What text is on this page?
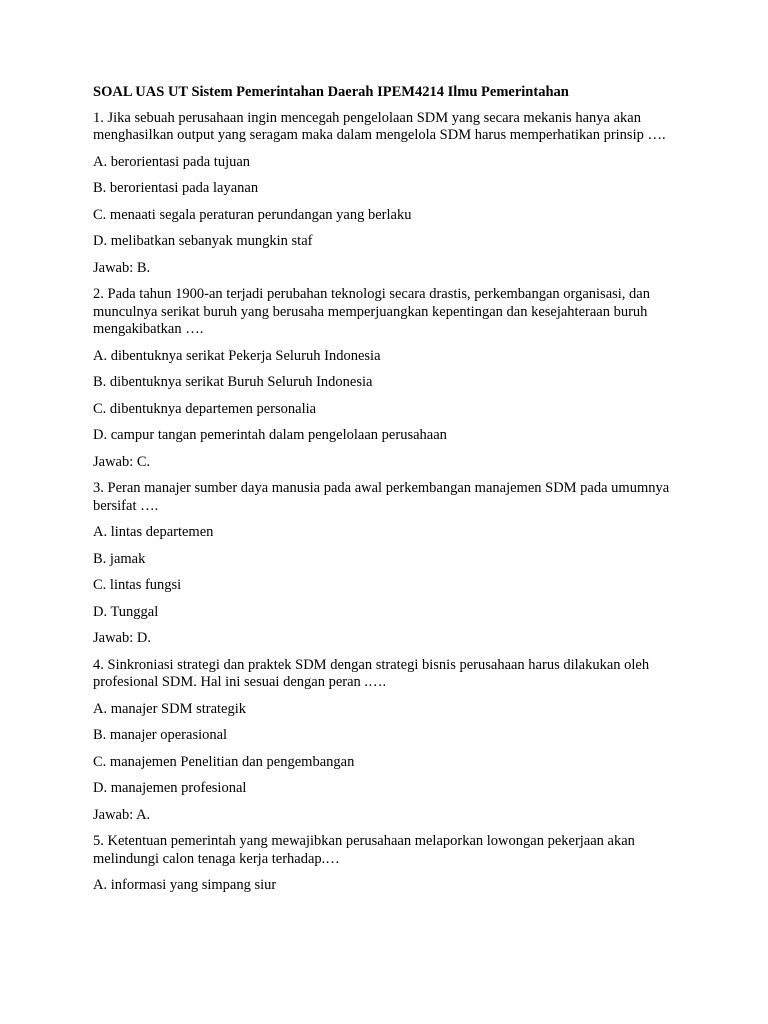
SOAL UAS UT Sistem Pemerintahan Daerah IPEM4214 Ilmu Pemerintahan
1. Jika sebuah perusahaan ingin mencegah pengelolaan SDM yang secara mekanis hanya akan menghasilkan output yang seragam maka dalam mengelola SDM harus memperhatikan prinsip ….
A. berorientasi pada tujuan
B. berorientasi pada layanan
C. menaati segala peraturan perundangan yang berlaku
D. melibatkan sebanyak mungkin staf
Jawab: B.
2. Pada tahun 1900-an terjadi perubahan teknologi secara drastis, perkembangan organisasi, dan munculnya serikat buruh yang berusaha memperjuangkan kepentingan dan kesejahteraan buruh mengakibatkan ….
A. dibentuknya serikat Pekerja Seluruh Indonesia
B. dibentuknya serikat Buruh Seluruh Indonesia
C. dibentuknya departemen personalia
D. campur tangan pemerintah dalam pengelolaan perusahaan
Jawab: C.
3. Peran manajer sumber daya manusia pada awal perkembangan manajemen SDM pada umumnya bersifat ….
A. lintas departemen
B. jamak
C. lintas fungsi
D. Tunggal
Jawab: D.
4. Sinkroniasi strategi dan praktek SDM dengan strategi bisnis perusahaan harus dilakukan oleh profesional SDM. Hal ini sesuai dengan peran .….
A. manajer SDM strategik
B. manajer operasional
C. manajemen Penelitian dan pengembangan
D. manajemen profesional
Jawab: A.
5. Ketentuan pemerintah yang mewajibkan perusahaan melaporkan lowongan pekerjaan akan melindungi calon tenaga kerja terhadap.…
A. informasi yang simpang siur
